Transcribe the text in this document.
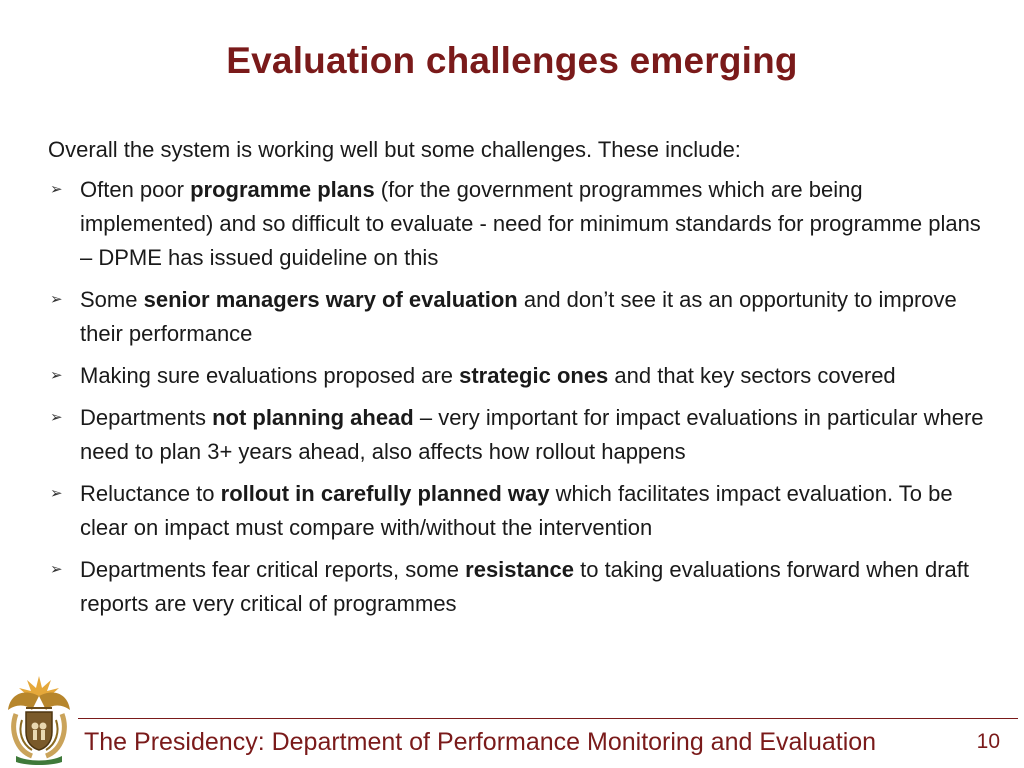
Evaluation challenges emerging

Overall the system is working well but some challenges. These include:

➢ Often poor programme plans (for the government programmes which are being implemented) and so difficult to evaluate - need for minimum standards for programme plans – DPME has issued guideline on this
➢ Some senior managers wary of evaluation and don’t see it as an opportunity to improve their performance
➢ Making sure evaluations proposed are strategic ones and that key sectors covered
➢ Departments not planning ahead – very important for impact evaluations in particular where need to plan 3+ years ahead, also affects how rollout happens
➢ Reluctance to rollout in carefully planned way which facilitates impact evaluation. To be clear on impact must compare with/without the intervention
➢ Departments fear critical reports, some resistance to taking evaluations forward when draft reports are very critical of programmes
The Presidency: Department of Performance Monitoring and Evaluation	10
